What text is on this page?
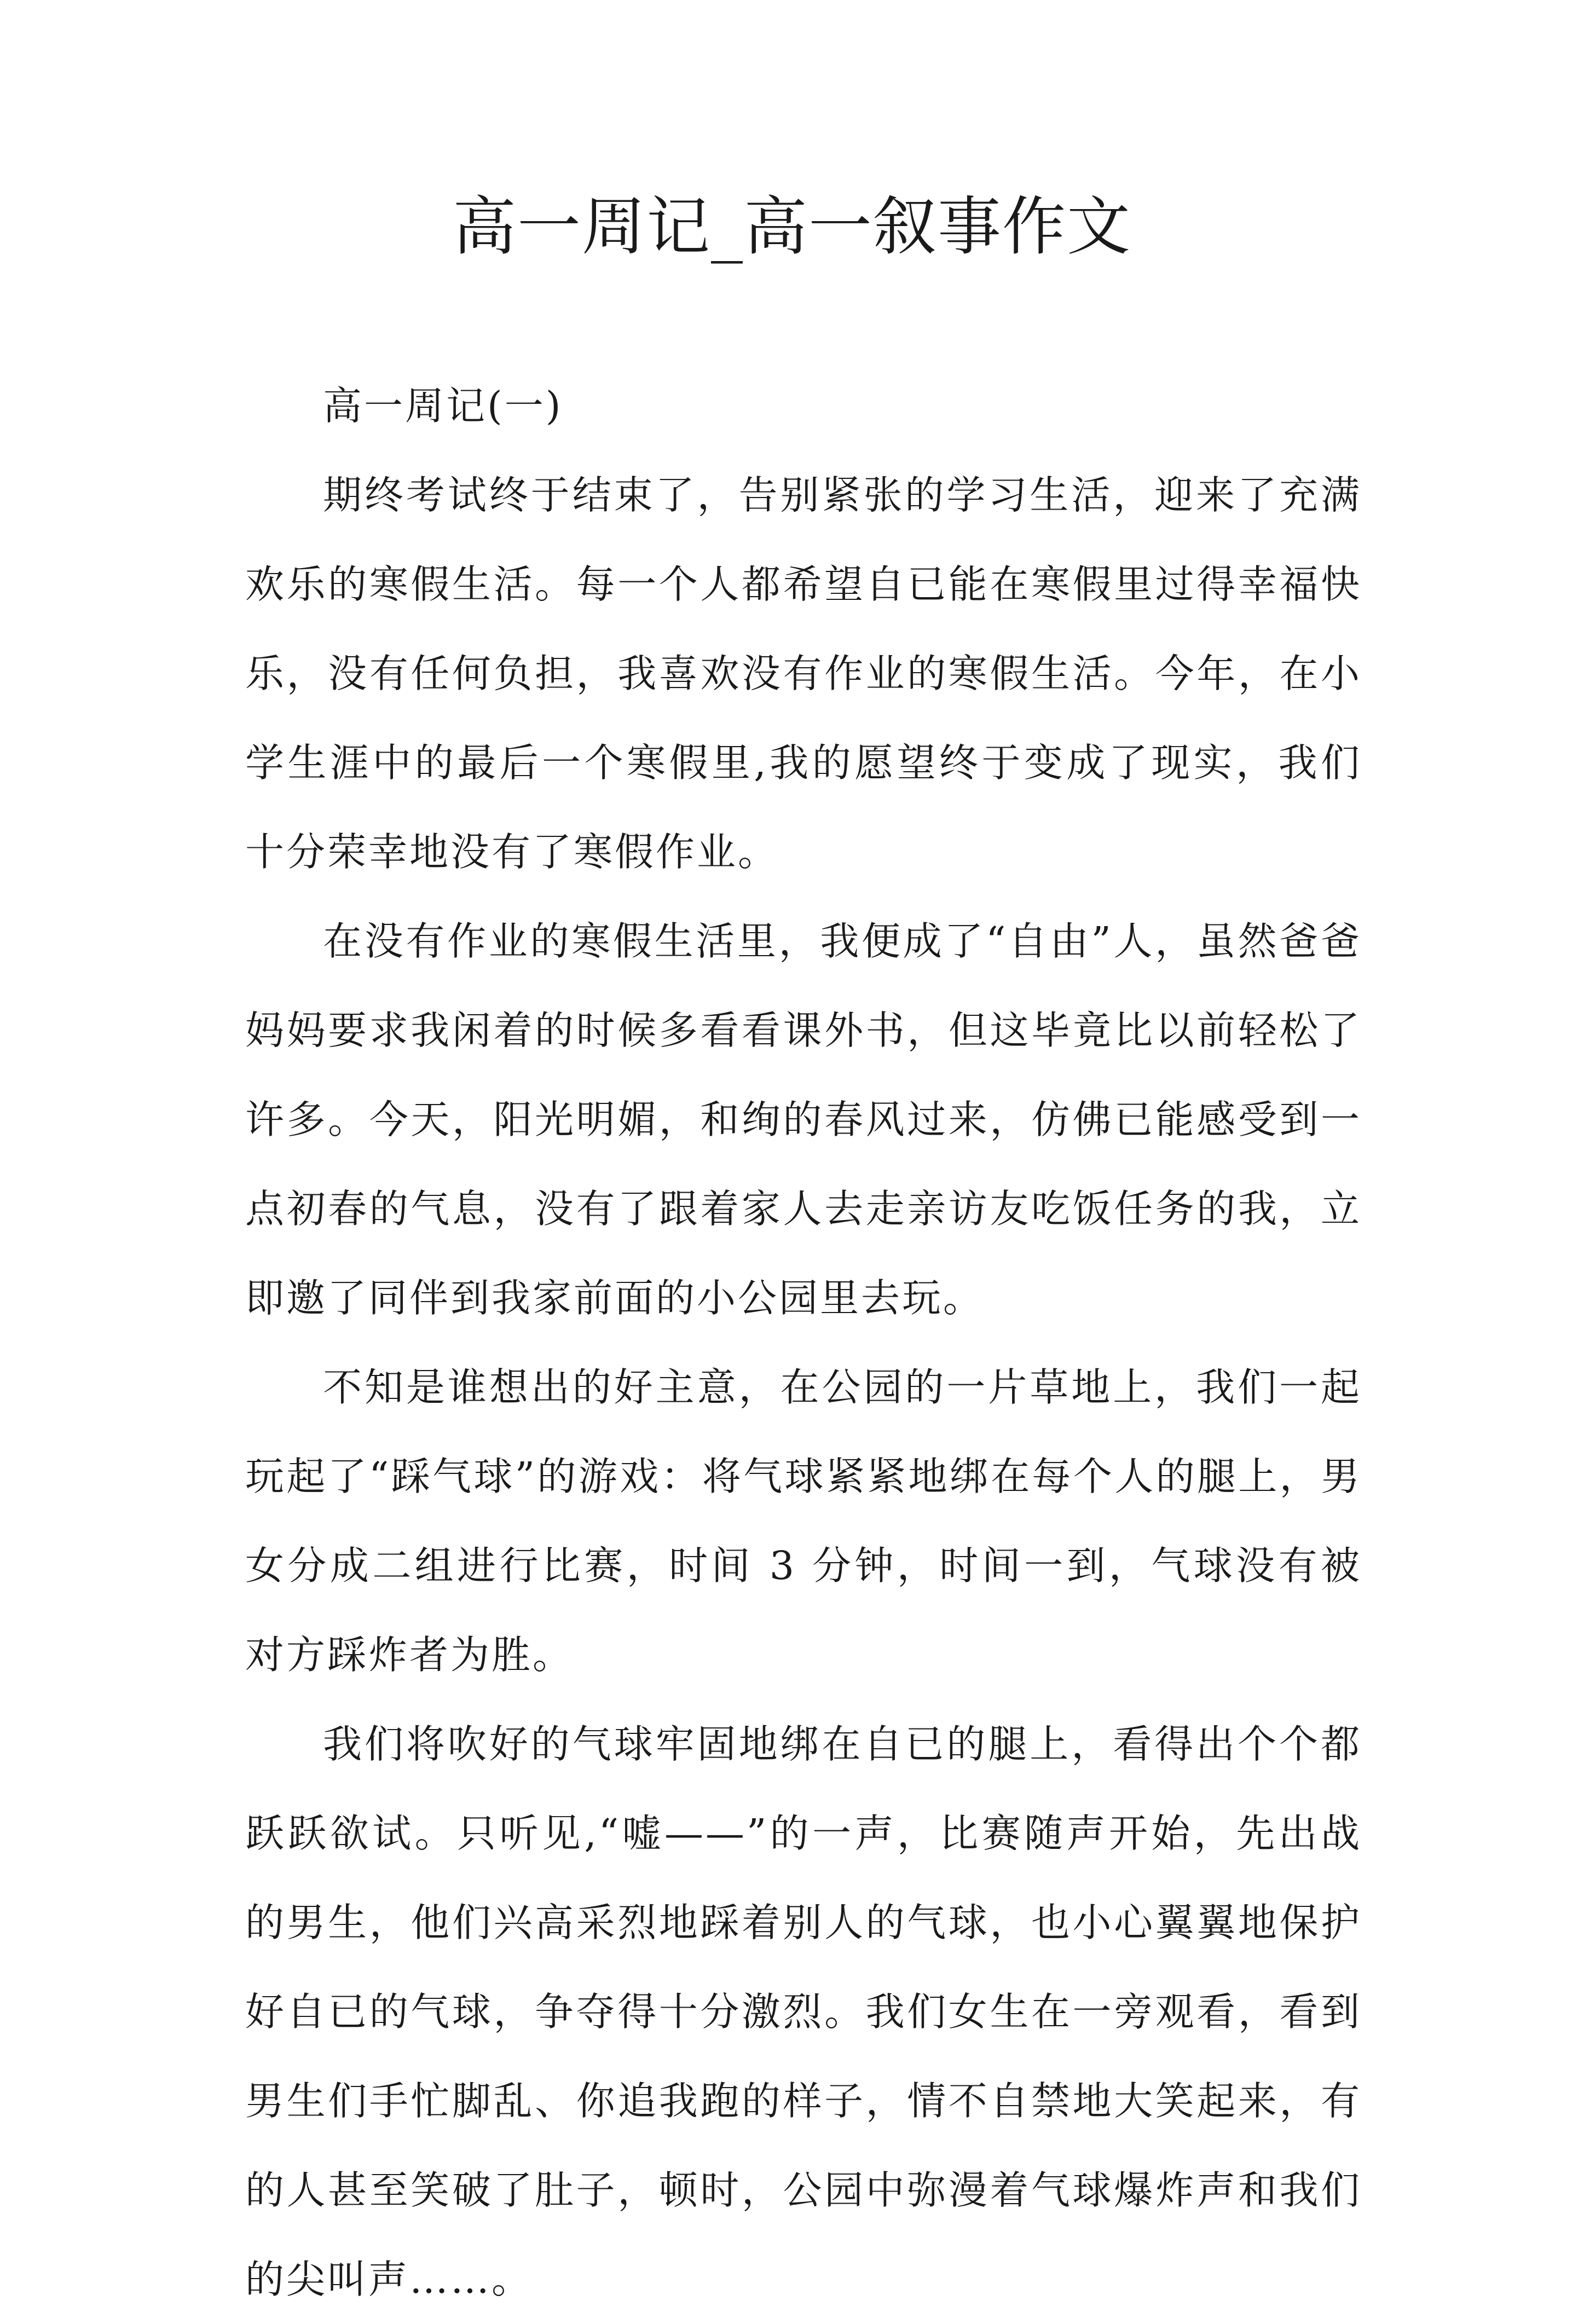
高一周记_高一叙事作文

高一周记(一)

期终考试终于结束了，告别紧张的学习生活，迎来了充满欢乐的寒假生活。每一个人都希望自已能在寒假里过得幸福快乐，没有任何负担，我喜欢没有作业的寒假生活。今年，在小学生涯中的最后一个寒假里,我的愿望终于变成了现实，我们十分荣幸地没有了寒假作业。

在没有作业的寒假生活里，我便成了“自由”人，虽然爸爸妈妈要求我闲着的时候多看看课外书，但这毕竟比以前轻松了许多。今天，阳光明媚，和绚的春风过来，仿佛已能感受到一点初春的气息，没有了跟着家人去走亲访友吃饭任务的我，立即邀了同伴到我家前面的小公园里去玩。

不知是谁想出的好主意，在公园的一片草地上，我们一起玩起了“踩气球”的游戏：将气球紧紧地绑在每个人的腿上，男女分成二组进行比赛，时间 3 分钟，时间一到，气球没有被对方踩炸者为胜。

我们将吹好的气球牢固地绑在自已的腿上，看得出个个都跃跃欲试。只听见,“嘘——”的一声，比赛随声开始，先出战的男生，他们兴高采烈地踩着别人的气球，也小心翼翼地保护好自已的气球，争夺得十分激烈。我们女生在一旁观看，看到男生们手忙脚乱、你追我跑的样子，情不自禁地大笑起来，有的人甚至笑破了肚子，顿时，公园中弥漫着气球爆炸声和我们的尖叫声……。
